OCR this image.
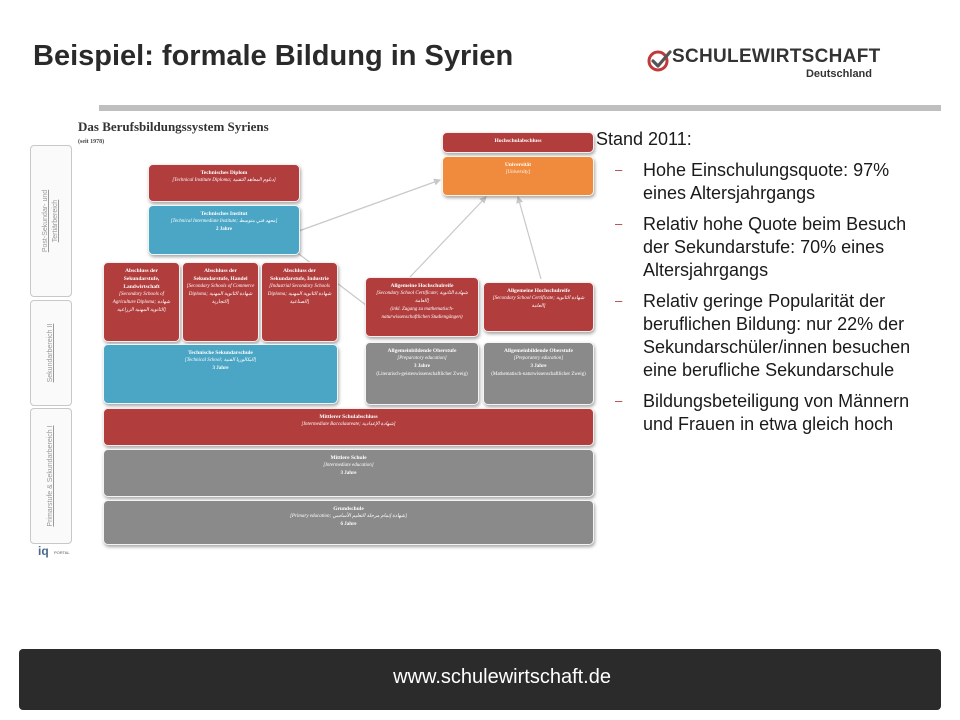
Beispiel: formale Bildung in Syrien	SCHULEWIRTSCHAFT
Deutschland
Das Berufsbildungssystem Syriens
(seit 1978)
Post-Sekundar- und Tertiärbereich
Sekundarbereich II
Primarstufe & Sekundarbereich I
Hochschulabschluss
Universität
[University]
Technisches Diplom
[Technical Institute Diploma; دبلوم المعاهد التقنية]
Technisches Institut
[Technical Intermediate Institute; معهد فني متوسط]
2 Jahre
Abschluss der Sekundarstufe, Landwirtschaft
[Secondary Schools of Agriculture Diploma; شهادة الثانوية المهنية الزراعية]
Abschluss der Sekundarstufe, Handel
[Secondary Schools of Commerce Diploma; شهادة الثانوية المهنية التجارية]
Abschluss der Sekundarstufe, Industrie
[Industrial Secondary Schools Diploma; شهادة الثانوية المهنية الصناعية]
Allgemeine Hochschulreife
[Secondary School Certificate; شهادة الثانوية العامة]
(inkl. Zugang zu mathematisch-naturwissenschaftlichen Studiengängen)
Allgemeine Hochschulreife
[Secondary School Certificate; شهادة الثانوية العامة]
Technische Sekundarschule
[Technical School; البكالوريا الفنية]
3 Jahre
Allgemeinbildende Oberstufe
[Preparatory education]
3 Jahre
(Literarisch-geisteswissenschaftlicher Zweig)
Allgemeinbildende Oberstufe
[Preparatory education]
3 Jahre
(Mathematisch-naturwissenschaftlicher Zweig)
Mittlerer Schulabschluss
[Intermediate Baccalaureate; شهادة الإعدادية]
Mittlere Schule
[Intermediate education]
3 Jahre
Grundschule
[Primary education; شهادة إتمام مرحلة التعليم الأساسي]
6 Jahre
iq PORTAL
Stand 2011:
– Hohe Einschulungsquote: 97% eines Altersjahrgangs
– Relativ hohe Quote beim Besuch der Sekundarstufe: 70% eines Altersjahrgangs
– Relativ geringe Popularität der beruflichen Bildung: nur 22% der Sekundarschüler/innen besuchen eine berufliche Sekundarschule
– Bildungsbeteiligung von Männern und Frauen in etwa gleich hoch
www.schulewirtschaft.de
